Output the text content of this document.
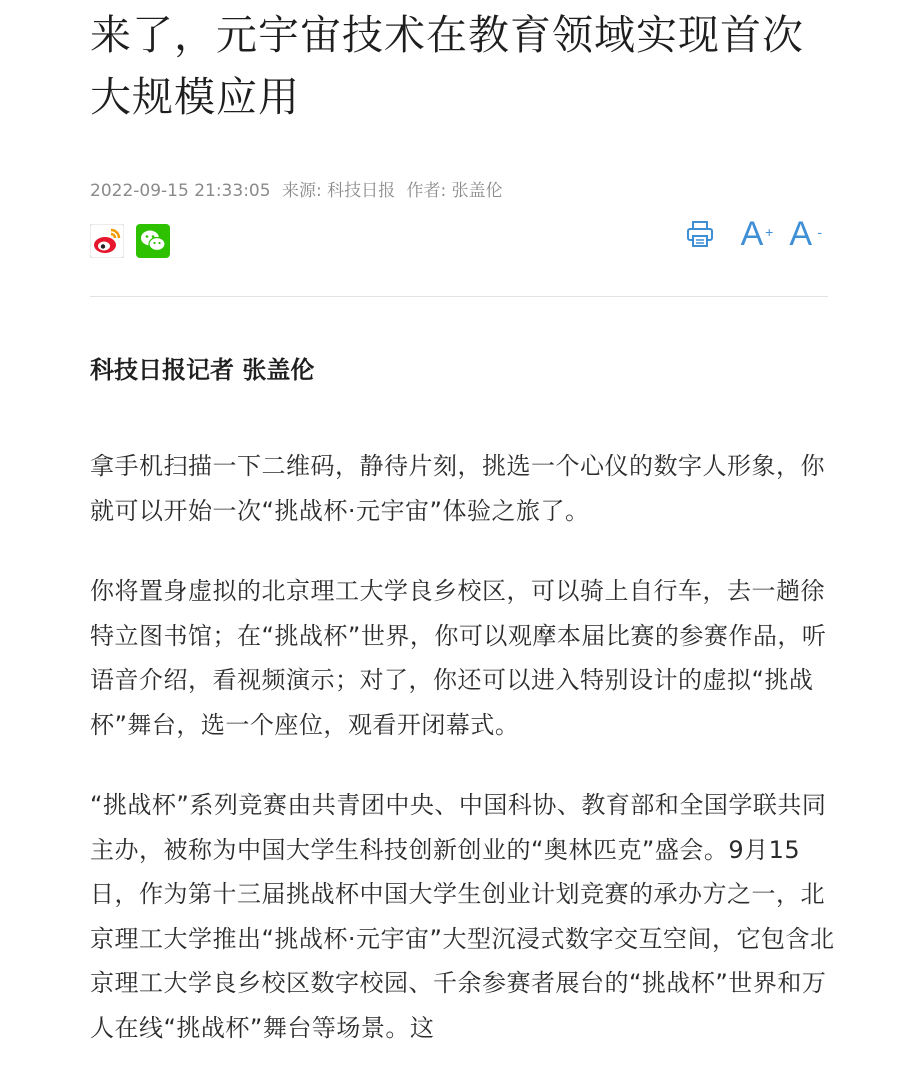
来了，元宇宙技术在教育领域实现首次大规模应用
2022-09-15 21:33:05 来源: 科技日报 作者: 张盖伦
A + A -

科技日报记者 张盖伦

拿手机扫描一下二维码，静待片刻，挑选一个心仪的数字人形象，你就可以开始一次“挑战杯·元宇宙”体验之旅了。

你将置身虚拟的北京理工大学良乡校区，可以骑上自行车，去一趟徐特立图书馆；在“挑战杯”世界，你可以观摩本届比赛的参赛作品，听语音介绍，看视频演示；对了，你还可以进入特别设计的虚拟“挑战杯”舞台，选一个座位，观看开闭幕式。

“挑战杯”系列竞赛由共青团中央、中国科协、教育部和全国学联共同主办，被称为中国大学生科技创新创业的“奥林匹克”盛会。9月15日，作为第十三届挑战杯中国大学生创业计划竞赛的承办方之一，北京理工大学推出“挑战杯·元宇宙”大型沉浸式数字交互空间，它包含北京理工大学良乡校区数字校园、千余参赛者展台的“挑战杯”世界和万人在线“挑战杯”舞台等场景。这
